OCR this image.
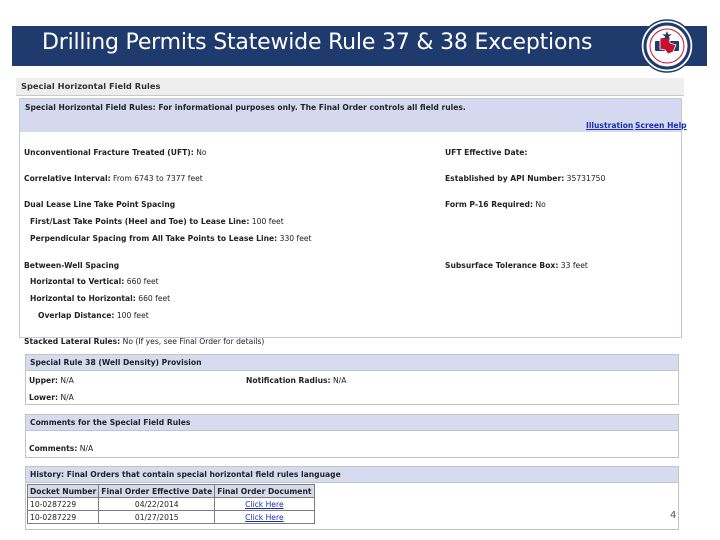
Drilling Permits Statewide Rule 37 & 38 Exceptions
Special Horizontal Field Rules
Special Horizontal Field Rules: For informational purposes only. The Final Order controls all field rules.
Illustration Screen Help
Unconventional Fracture Treated (UFT): No	UFT Effective Date:
Correlative Interval: From 6743 to 7377 feet	Established by API Number: 35731750
Dual Lease Line Take Point Spacing	Form P-16 Required: No
First/Last Take Points (Heel and Toe) to Lease Line: 100 feet
Perpendicular Spacing from All Take Points to Lease Line: 330 feet
Between-Well Spacing	Subsurface Tolerance Box: 33 feet
Horizontal to Vertical: 660 feet
Horizontal to Horizontal: 660 feet
Overlap Distance: 100 feet
Stacked Lateral Rules: No (If yes, see Final Order for details)
Special Rule 38 (Well Density) Provision
Upper: N/A	Notification Radius: N/A
Lower: N/A
Comments for the Special Field Rules
Comments: N/A
History: Final Orders that contain special horizontal field rules language
Docket Number	Final Order Effective Date	Final Order Document
10-0287229	04/22/2014	Click Here
10-0287229	01/27/2015	Click Here	4
